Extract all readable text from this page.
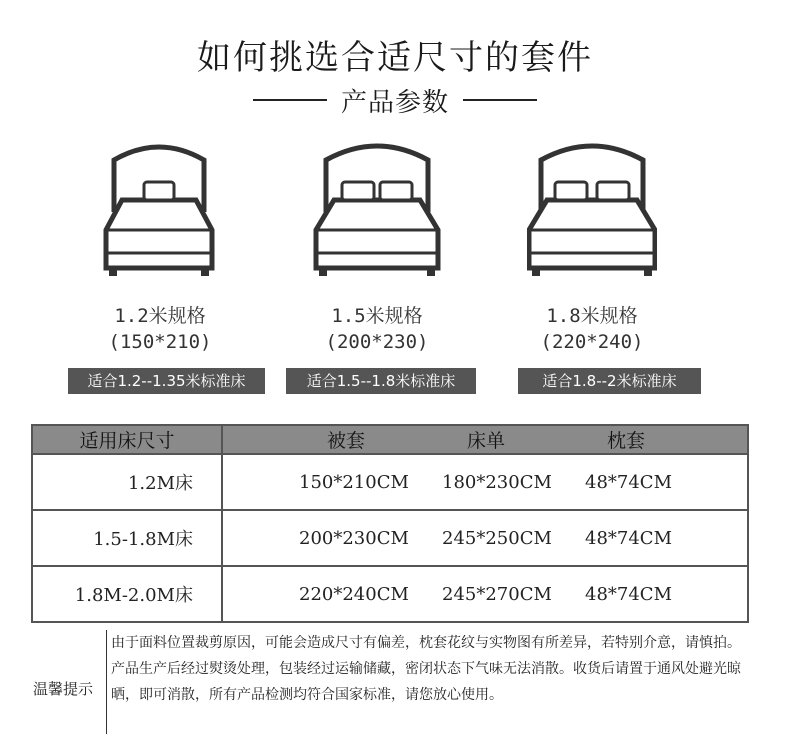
如何挑选合适尺寸的套件
产品参数
1.2米规格
(150*210)
1.5米规格
(200*230)
1.8米规格
(220*240)
适合1.2--1.35米标准床	适合1.5--1.8米标准床	适合1.8--2米标准床
适用床尺寸	被套 床单 枕套

1.2M床	150*210CM 180*230CM 48*74CM

1.5-1.8M床	200*230CM 245*250CM 48*74CM

1.8M-2.0M床	220*240CM 245*270CM 48*74CM
温馨提示
由于面料位置裁剪原因，可能会造成尺寸有偏差，枕套花纹与实物图有所差异，若特别介意，请慎拍。
产品生产后经过熨烫处理，包装经过运输储藏，密闭状态下气味无法消散。收货后请置于通风处避光晾晒，即可消散，所有产品检测均符合国家标准，请您放心使用。
